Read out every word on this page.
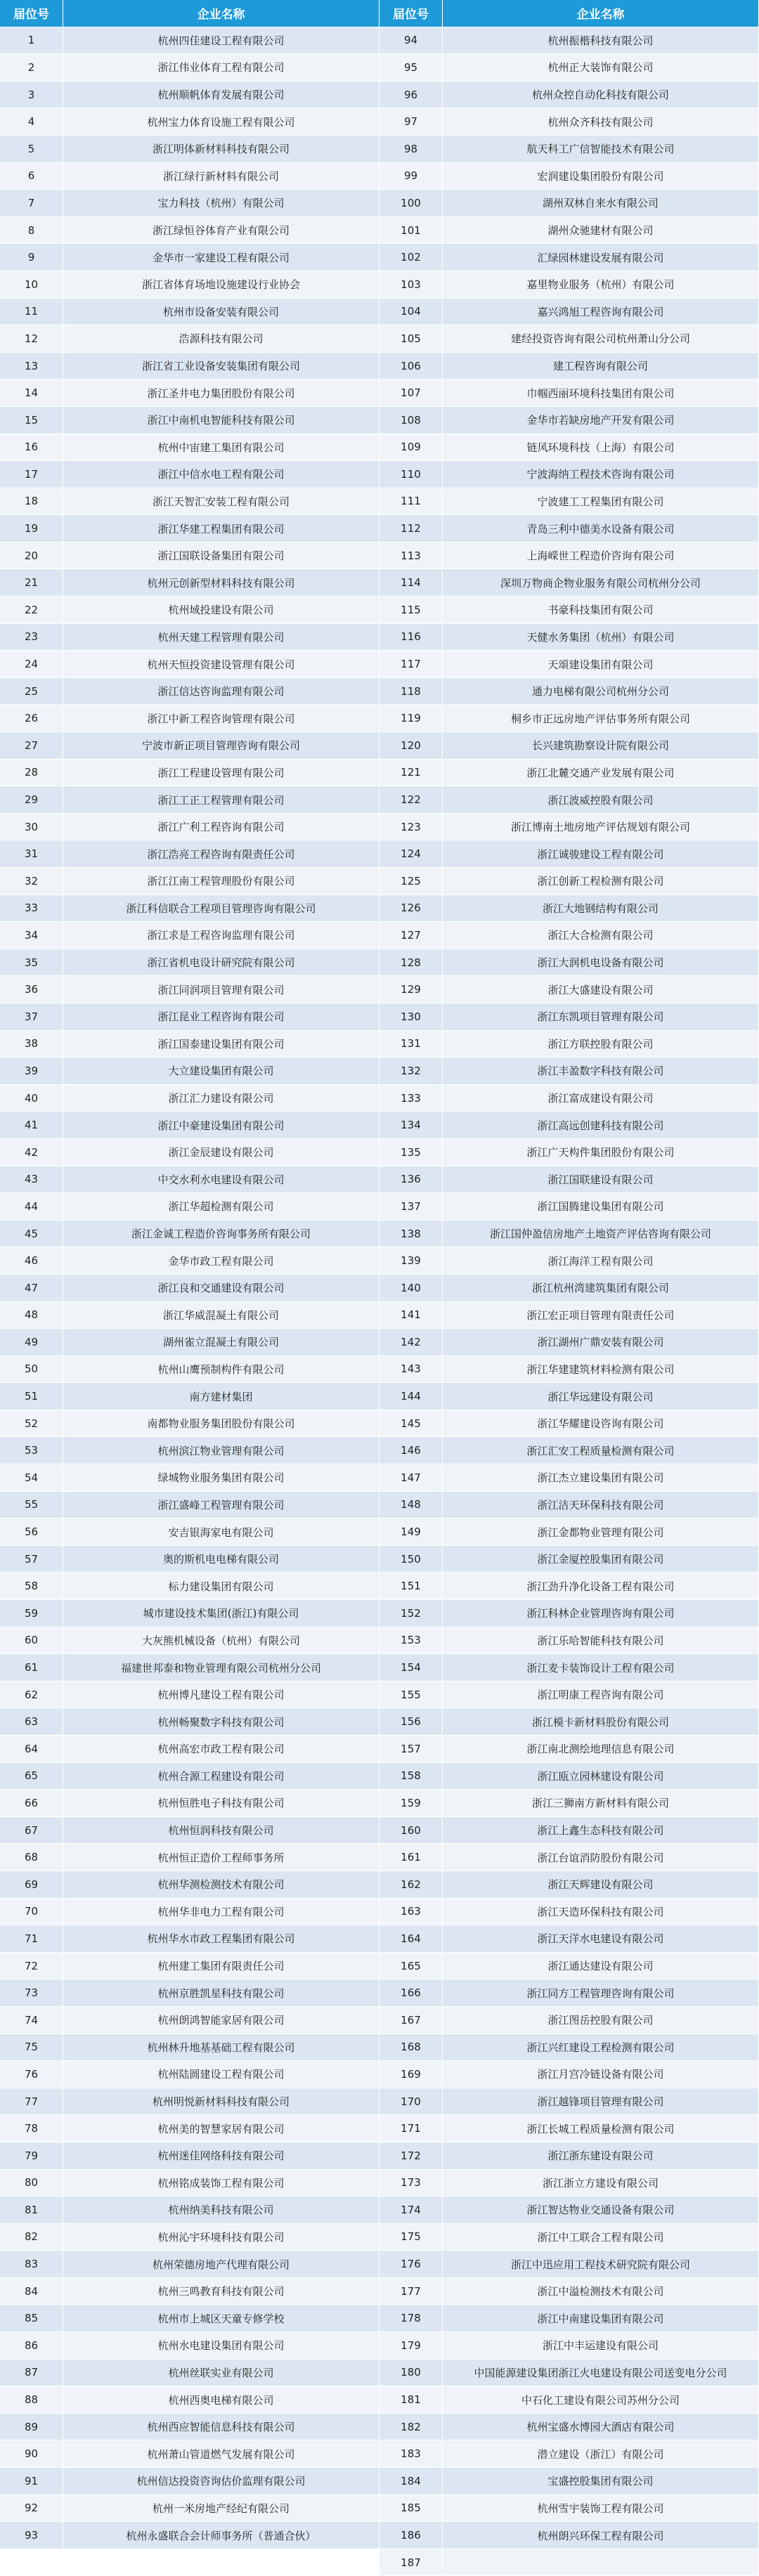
届位号	企业名称
1	杭州四佳建设工程有限公司
2	浙江伟业体育工程有限公司
3	杭州顺帆体育发展有限公司
4	杭州宝力体育设施工程有限公司
5	浙江明体新材料科技有限公司
6	浙江绿行新材料有限公司
7	宝力科技（杭州）有限公司
8	浙江绿恒谷体育产业有限公司
9	金华市一家建设工程有限公司
10	浙江省体育场地设施建设行业协会
11	杭州市设备安装有限公司
12	浩源科技有限公司
13	浙江省工业设备安装集团有限公司
14	浙江圣井电力集团股份有限公司
15	浙江中南机电智能科技有限公司
16	杭州中宙建工集团有限公司
17	浙江中信水电工程有限公司
18	浙江天智汇安装工程有限公司
19	浙江华建工程集团有限公司
20	浙江国联设备集团有限公司
21	杭州元创新型材料科技有限公司
22	杭州域投建设有限公司
23	杭州天建工程管理有限公司
24	杭州天恒投资建设管理有限公司
25	浙江信达咨询监理有限公司
26	浙江中新工程咨询管理有限公司
27	宁波市新正项目管理咨询有限公司
28	浙江工程建设管理有限公司
29	浙江工正工程管理有限公司
30	浙江广利工程咨询有限公司
31	浙江浩亮工程咨询有限责任公司
32	浙江江南工程管理股份有限公司
33	浙江科信联合工程项目管理咨询有限公司
34	浙江求是工程咨询监理有限公司
35	浙江省机电设计研究院有限公司
36	浙江同润项目管理有限公司
37	浙江昆业工程咨询有限公司
38	浙江国泰建设集团有限公司
39	大立建设集团有限公司
40	浙江汇力建设有限公司
41	浙江中豪建设集团有限公司
42	浙江金辰建设有限公司
43	中交水利水电建设有限公司
44	浙江华超检测有限公司
45	浙江金诚工程造价咨询事务所有限公司
46	金华市政工程有限公司
47	浙江良和交通建设有限公司
48	浙江华威混凝土有限公司
49	湖州雀立混凝土有限公司
50	杭州山鹰预制构件有限公司
51	南方建材集团
52	南都物业服务集团股份有限公司
53	杭州滨江物业管理有限公司
54	绿城物业服务集团有限公司
55	浙江盛峰工程管理有限公司
56	安吉银海家电有限公司
57	奥的斯机电电梯有限公司
58	标力建设集团有限公司
59	城市建设技术集团(浙江)有限公司
60	大灰熊机械设备（杭州）有限公司
61	福建世邦泰和物业管理有限公司杭州分公司
62	杭州博凡建设工程有限公司
63	杭州畅聚数字科技有限公司
64	杭州高宏市政工程有限公司
65	杭州合源工程建设有限公司
66	杭州恒胜电子科技有限公司
67	杭州恒润科技有限公司
68	杭州恒正造价工程师事务所
69	杭州华测检测技术有限公司
70	杭州华非电力工程有限公司
71	杭州华水市政工程集团有限公司
72	杭州建工集团有限责任公司
73	杭州京胜凯星科技有限公司
74	杭州朗鸿智能家居有限公司
75	杭州林升地基基础工程有限公司
76	杭州陆圆建设工程有限公司
77	杭州明悦新材料科技有限公司
78	杭州美的智慧家居有限公司
79	杭州迷佳网络科技有限公司
80	杭州铭成装饰工程有限公司
81	杭州纳美科技有限公司
82	杭州沁宇环境科技有限公司
83	杭州荣德房地产代理有限公司
84	杭州三鸣教育科技有限公司
85	杭州市上城区天童专修学校
86	杭州水电建设集团有限公司
87	杭州丝联实业有限公司
88	杭州西奥电梯有限公司
89	杭州西应智能信息科技有限公司
90	杭州萧山管道燃气发展有限公司
91	杭州信达投资咨询估价监理有限公司
92	杭州一米房地产经纪有限公司
93	杭州永盛联合会计师事务所（普通合伙）
届位号	企业名称
94	杭州振楷科技有限公司
95	杭州正大装饰有限公司
96	杭州众控自动化科技有限公司
97	杭州众齐科技有限公司
98	航天科工广信智能技术有限公司
99	宏润建设集团股份有限公司
100	湖州双林自来水有限公司
101	湖州众驰建材有限公司
102	汇绿园林建设发展有限公司
103	嘉里物业服务（杭州）有限公司
104	嘉兴鸿旭工程咨询有限公司
105	建经投资咨询有限公司杭州萧山分公司
106	建工程咨询有限公司
107	巾帼西丽环境科技集团有限公司
108	金华市若缺房地产开发有限公司
109	链风环境科技（上海）有限公司
110	宁波海纳工程技术咨询有限公司
111	宁波建工工程集团有限公司
112	青岛三利中德美水设备有限公司
113	上海嵘世工程造价咨询有限公司
114	深圳万物商企物业服务有限公司杭州分公司
115	书豪科技集团有限公司
116	天健水务集团（杭州）有限公司
117	天頌建设集团有限公司
118	通力电梯有限公司杭州分公司
119	桐乡市正远房地产评估事务所有限公司
120	长兴建筑勘察设计院有限公司
121	浙江北麓交通产业发展有限公司
122	浙江波威控股有限公司
123	浙江博南土地房地产评估规划有限公司
124	浙江诚骏建设工程有限公司
125	浙江创新工程检测有限公司
126	浙江大地钢结构有限公司
127	浙江大合检测有限公司
128	浙江大润机电设备有限公司
129	浙江大盛建设有限公司
130	浙江东凯项目管理有限公司
131	浙江方联控股有限公司
132	浙江丰盈数字科技有限公司
133	浙江富成建设有限公司
134	浙江高远创建科技有限公司
135	浙江广天构件集团股份有限公司
136	浙江国联建设有限公司
137	浙江国腾建设集团有限公司
138	浙江国仲盈信房地产土地资产评估咨询有限公司
139	浙江海洋工程有限公司
140	浙江杭州湾建筑集团有限公司
141	浙江宏正项目管理有限责任公司
142	浙江湖州广鼎安装有限公司
143	浙江华建建筑材料检测有限公司
144	浙江华远建设有限公司
145	浙江华耀建设咨询有限公司
146	浙江汇安工程质量检测有限公司
147	浙江杰立建设集团有限公司
148	浙江洁天环保科技有限公司
149	浙江金都物业管理有限公司
150	浙江金厦控股集团有限公司
151	浙江劲升净化设备工程有限公司
152	浙江科林企业管理咨询有限公司
153	浙江乐哈智能科技有限公司
154	浙江麦卡装饰设计工程有限公司
155	浙江明康工程咨询有限公司
156	浙江模卡新材料股份有限公司
157	浙江南北测绘地理信息有限公司
158	浙江瓯立园林建设有限公司
159	浙江三狮南方新材料有限公司
160	浙江上鑫生态科技有限公司
161	浙江台谊消防股份有限公司
162	浙江天辉建设有限公司
163	浙江天造环保科技有限公司
164	浙江天洋水电建设有限公司
165	浙江通达建设有限公司
166	浙江同方工程管理咨询有限公司
167	浙江图岳控股有限公司
168	浙江兴红建设工程检测有限公司
169	浙江月宫冷链设备有限公司
170	浙江越锋项目管理有限公司
171	浙江长城工程质量检测有限公司
172	浙江浙东建设有限公司
173	浙江浙立方建设有限公司
174	浙江智达物业交通设备有限公司
175	浙江中工联合工程有限公司
176	浙江中迅应用工程技术研究院有限公司
177	浙江中溢检测技术有限公司
178	浙江中南建设集团有限公司
179	浙江中丰运建设有限公司
180	中国能源建设集团浙江火电建设有限公司送变电分公司
181	中石化工建设有限公司苏州分公司
182	杭州宝盛水博园大酒店有限公司
183	潜立建设（浙江）有限公司
184	宝盛控股集团有限公司
185	杭州雪宇装饰工程有限公司
186	杭州朗兴环保工程有限公司
187
